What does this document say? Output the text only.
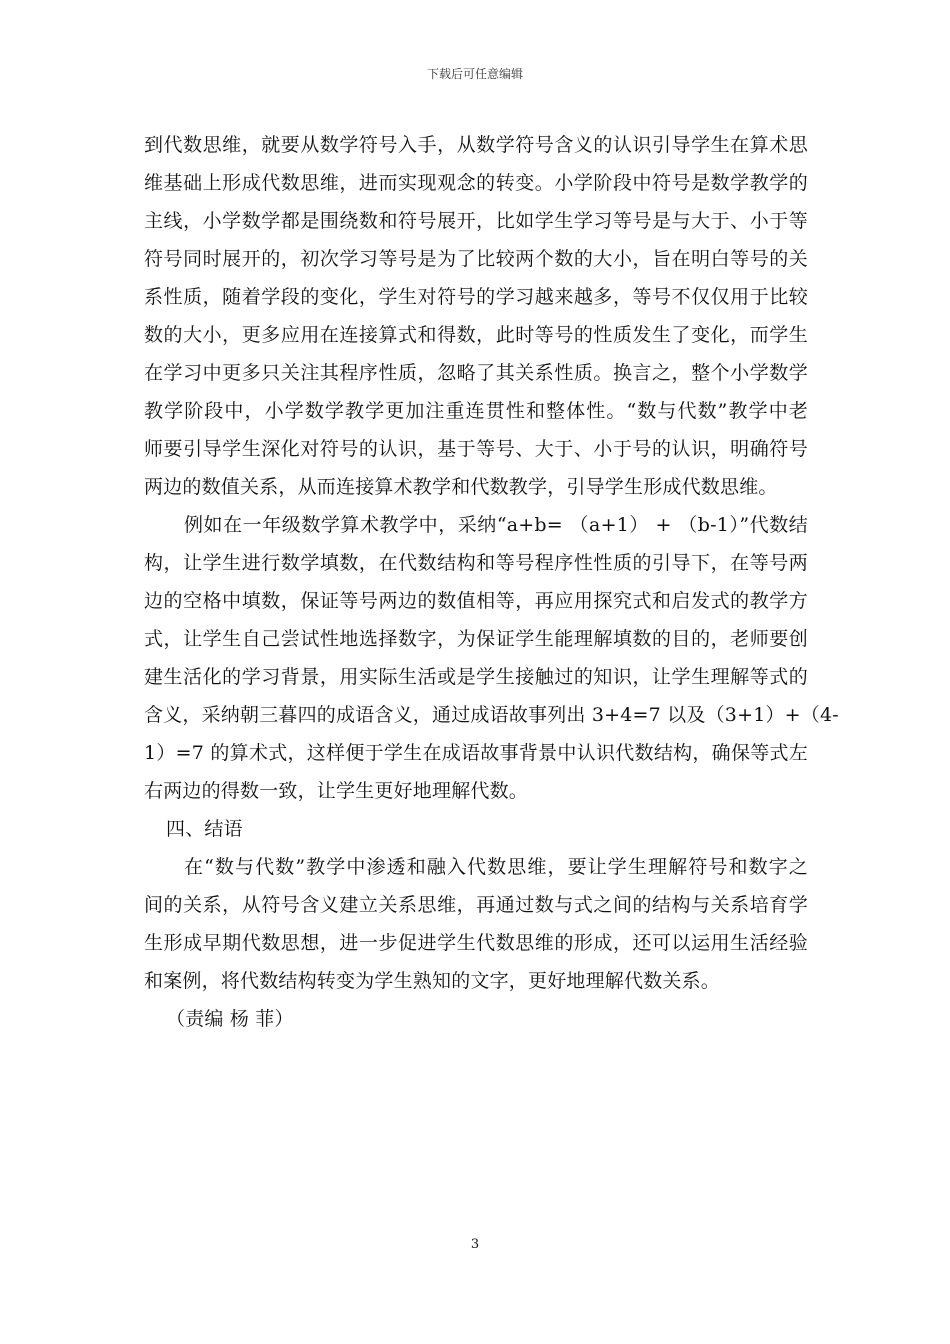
下载后可任意编辑
到代数思维，就要从数学符号入手，从数学符号含义的认识引导学生在算术思
维基础上形成代数思维，进而实现观念的转变。小学阶段中符号是数学教学的
主线，小学数学都是围绕数和符号展开，比如学生学习等号是与大于、小于等
符号同时展开的，初次学习等号是为了比较两个数的大小，旨在明白等号的关
系性质，随着学段的变化，学生对符号的学习越来越多，等号不仅仅用于比较
数的大小，更多应用在连接算式和得数，此时等号的性质发生了变化，而学生
在学习中更多只关注其程序性质，忽略了其关系性质。换言之，整个小学数学
教学阶段中，小学数学教学更加注重连贯性和整体性。“数与代数”教学中老
师要引导学生深化对符号的认识，基于等号、大于、小于号的认识，明确符号
两边的数值关系，从而连接算术教学和代数教学，引导学生形成代数思维。
例如在一年级数学算术教学中，采纳“a+b= （a+1） + （b-1）”代数结
构，让学生进行数学填数，在代数结构和等号程序性性质的引导下，在等号两
边的空格中填数，保证等号两边的数值相等，再应用探究式和启发式的教学方
式，让学生自己尝试性地选择数字，为保证学生能理解填数的目的，老师要创
建生活化的学习背景，用实际生活或是学生接触过的知识，让学生理解等式的
含义，采纳朝三暮四的成语含义，通过成语故事列出 3+4=7 以及（3+1）+（4-
1）=7 的算术式，这样便于学生在成语故事背景中认识代数结构，确保等式左
右两边的得数一致，让学生更好地理解代数。
四、结语
在“数与代数”教学中渗透和融入代数思维，要让学生理解符号和数字之
间的关系，从符号含义建立关系思维，再通过数与式之间的结构与关系培育学
生形成早期代数思想，进一步促进学生代数思维的形成，还可以运用生活经验
和案例，将代数结构转变为学生熟知的文字，更好地理解代数关系。
（责编 杨 菲）
3
